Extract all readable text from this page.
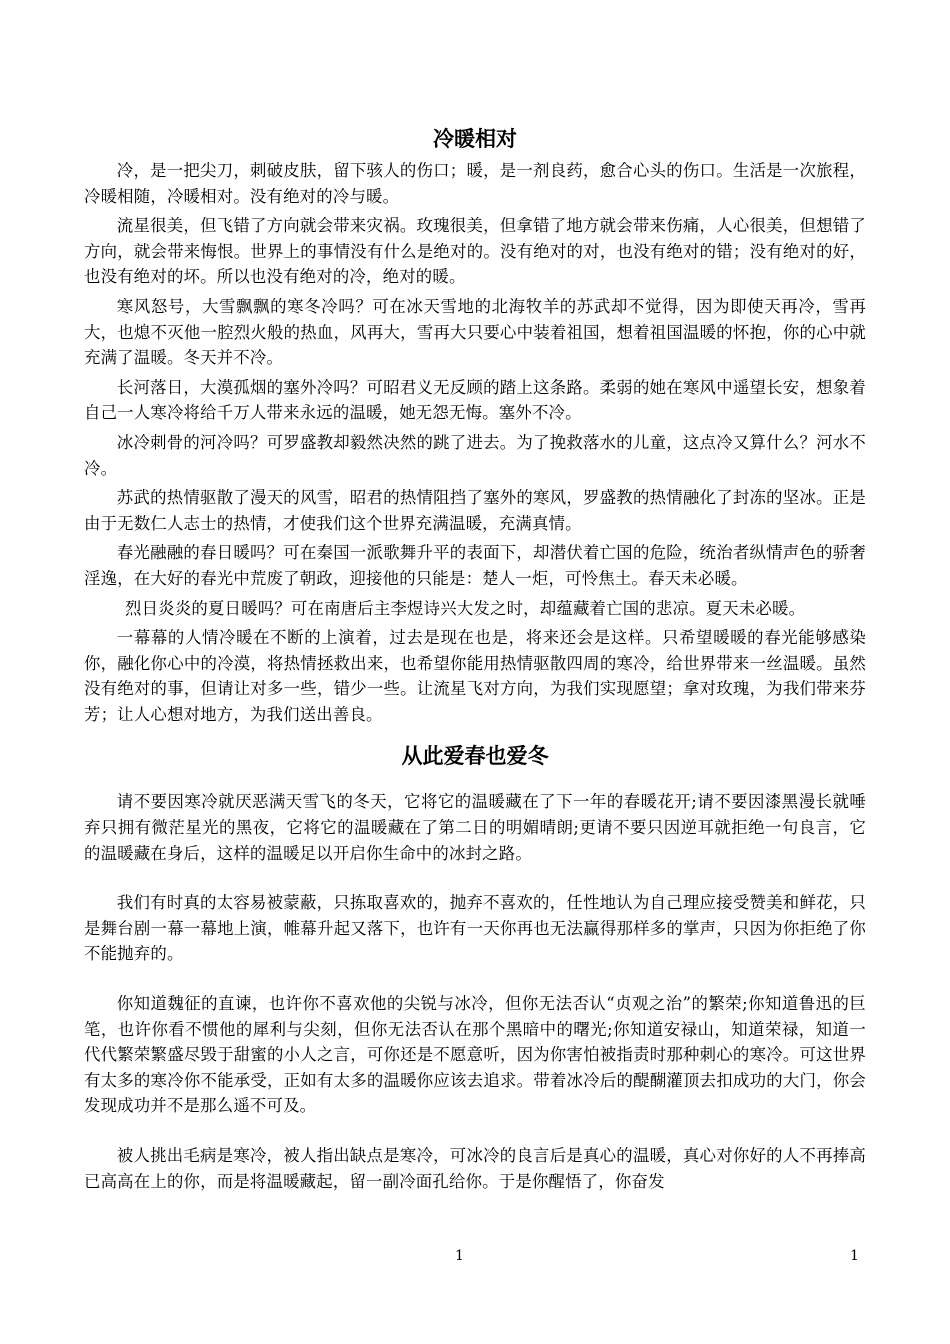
冷暖相对

冷，是一把尖刀，刺破皮肤，留下骇人的伤口；暖，是一剂良药，愈合心头的伤口。生活是一次旅程，冷暖相随，冷暖相对。没有绝对的冷与暖。

流星很美，但飞错了方向就会带来灾祸。玫瑰很美，但拿错了地方就会带来伤痛，人心很美，但想错了方向，就会带来悔恨。世界上的事情没有什么是绝对的。没有绝对的对，也没有绝对的错；没有绝对的好，也没有绝对的坏。所以也没有绝对的冷，绝对的暖。

寒风怒号，大雪飘飘的寒冬冷吗？可在冰天雪地的北海牧羊的苏武却不觉得，因为即使天再冷，雪再大，也熄不灭他一腔烈火般的热血，风再大，雪再大只要心中装着祖国，想着祖国温暖的怀抱，你的心中就充满了温暖。冬天并不冷。

长河落日，大漠孤烟的塞外冷吗？可昭君义无反顾的踏上这条路。柔弱的她在寒风中遥望长安，想象着自己一人寒冷将给千万人带来永远的温暖，她无怨无悔。塞外不冷。

冰冷刺骨的河冷吗？可罗盛教却毅然决然的跳了进去。为了挽救落水的儿童，这点冷又算什么？河水不冷。

苏武的热情驱散了漫天的风雪，昭君的热情阻挡了塞外的寒风，罗盛教的热情融化了封冻的坚冰。正是由于无数仁人志士的热情，才使我们这个世界充满温暖，充满真情。

春光融融的春日暖吗？可在秦国一派歌舞升平的表面下，却潜伏着亡国的危险，统治者纵情声色的骄奢淫逸，在大好的春光中荒废了朝政，迎接他的只能是：楚人一炬，可怜焦土。春天未必暖。

烈日炎炎的夏日暖吗？可在南唐后主李煜诗兴大发之时，却蕴藏着亡国的悲凉。夏天未必暖。

一幕幕的人情冷暖在不断的上演着，过去是现在也是，将来还会是这样。只希望暖暖的春光能够感染你，融化你心中的冷漠，将热情拯救出来，也希望你能用热情驱散四周的寒冷，给世界带来一丝温暖。虽然没有绝对的事，但请让对多一些，错少一些。让流星飞对方向，为我们实现愿望；拿对玫瑰，为我们带来芬芳；让人心想对地方，为我们送出善良。

从此爱春也爱冬

请不要因寒冷就厌恶满天雪飞的冬天，它将它的温暖藏在了下一年的春暖花开;请不要因漆黑漫长就唾弃只拥有微茫星光的黑夜，它将它的温暖藏在了第二日的明媚晴朗;更请不要只因逆耳就拒绝一句良言，它的温暖藏在身后，这样的温暖足以开启你生命中的冰封之路。

我们有时真的太容易被蒙蔽，只拣取喜欢的，抛弃不喜欢的，任性地认为自己理应接受赞美和鲜花，只是舞台剧一幕一幕地上演，帷幕升起又落下，也许有一天你再也无法赢得那样多的掌声，只因为你拒绝了你不能抛弃的。

你知道魏征的直谏，也许你不喜欢他的尖锐与冰冷，但你无法否认“贞观之治”的繁荣;你知道鲁迅的巨笔，也许你看不惯他的犀利与尖刻，但你无法否认在那个黑暗中的曙光;你知道安禄山，知道荣禄，知道一代代繁荣繁盛尽毁于甜蜜的小人之言，可你还是不愿意听，因为你害怕被指责时那种刺心的寒冷。可这世界有太多的寒冷你不能承受，正如有太多的温暖你应该去追求。带着冰冷后的醍醐灌顶去扣成功的大门，你会发现成功并不是那么遥不可及。

被人挑出毛病是寒冷，被人指出缺点是寒冷，可冰冷的良言后是真心的温暖，真心对你好的人不再捧高已高高在上的你，而是将温暖藏起，留一副冷面孔给你。于是你醒悟了，你奋发

1	1
